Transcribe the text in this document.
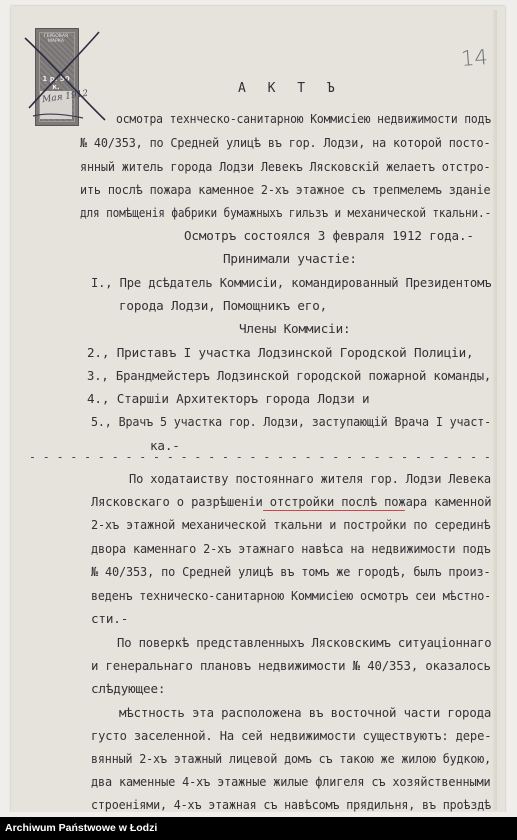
ГЕРБОВАЯ МАРКА
1 р. 50 к.
Мая 1912
14
А К Т Ъ
осмотра технческо-санитарною Коммисiею недвижимости подъ
№ 40/353, по Средней улицѣ въ гор. Лодзи, на которой посто-
янный житель города Лодзи Левекъ Лясковскiй желаетъ отстро-
ить послѣ пожара каменное 2-хъ этажное съ трепмелемъ зданiе
для помѣщенiя фабрики бумажныхъ гильзъ и механической ткальни.-
Осмотръ состоялся 3 февраля 1912 года.-
Принимали участiе:
I., Пре дсѣдатель Коммисiи, командированный Президентомъ
города Лодзи, Помощникъ его,
Члены Коммисiи:
2., Приставъ I участка Лодзинской Городской Полицiи,
3., Брандмейстеръ Лодзинской городской пожарной команды,
4., Старшiи Архитекторъ города Лодзи и
5., Врачъ 5 участка гор. Лодзи, заступающiй Врача I участ-
ка.-
По ходатаиству постояннаго жителя гор. Лодзи Левека
Лясковскаго о разрѣшенiи отстройки послѣ пожара каменной
2-хъ этажной механической ткальни и постройки по серединѣ
двора каменнаго 2-хъ этажнаго навѣса на недвижимости подъ
№ 40/353, по Средней улицѣ въ томъ же городѣ, былъ произ-
веденъ техническо-санитарною Коммисiею осмотръ сеи мѣстно-
сти.-
По поверкѣ представленныхъ Лясковскимъ ситуацiоннаго
и генеральнаго плановъ недвижимости № 40/353, оказалось
слѣдующее:
мѣстность эта расположена въ восточной части города
густо заселенной. На сей недвижимости существуютъ: дере-
вянный 2-хъ этажный лицевой домъ съ такою же жилою будкою,
два каменные 4-хъ этажные жилые флигеля съ хозяйственными
строенiями, 4-хъ этажная съ навѣсомъ прядильня, въ проѣздѣ
- - - - - - - - - - - - - - - - - - - - - - - - - - - - - - - - - -
Archiwum Państwowe w Łodzi
